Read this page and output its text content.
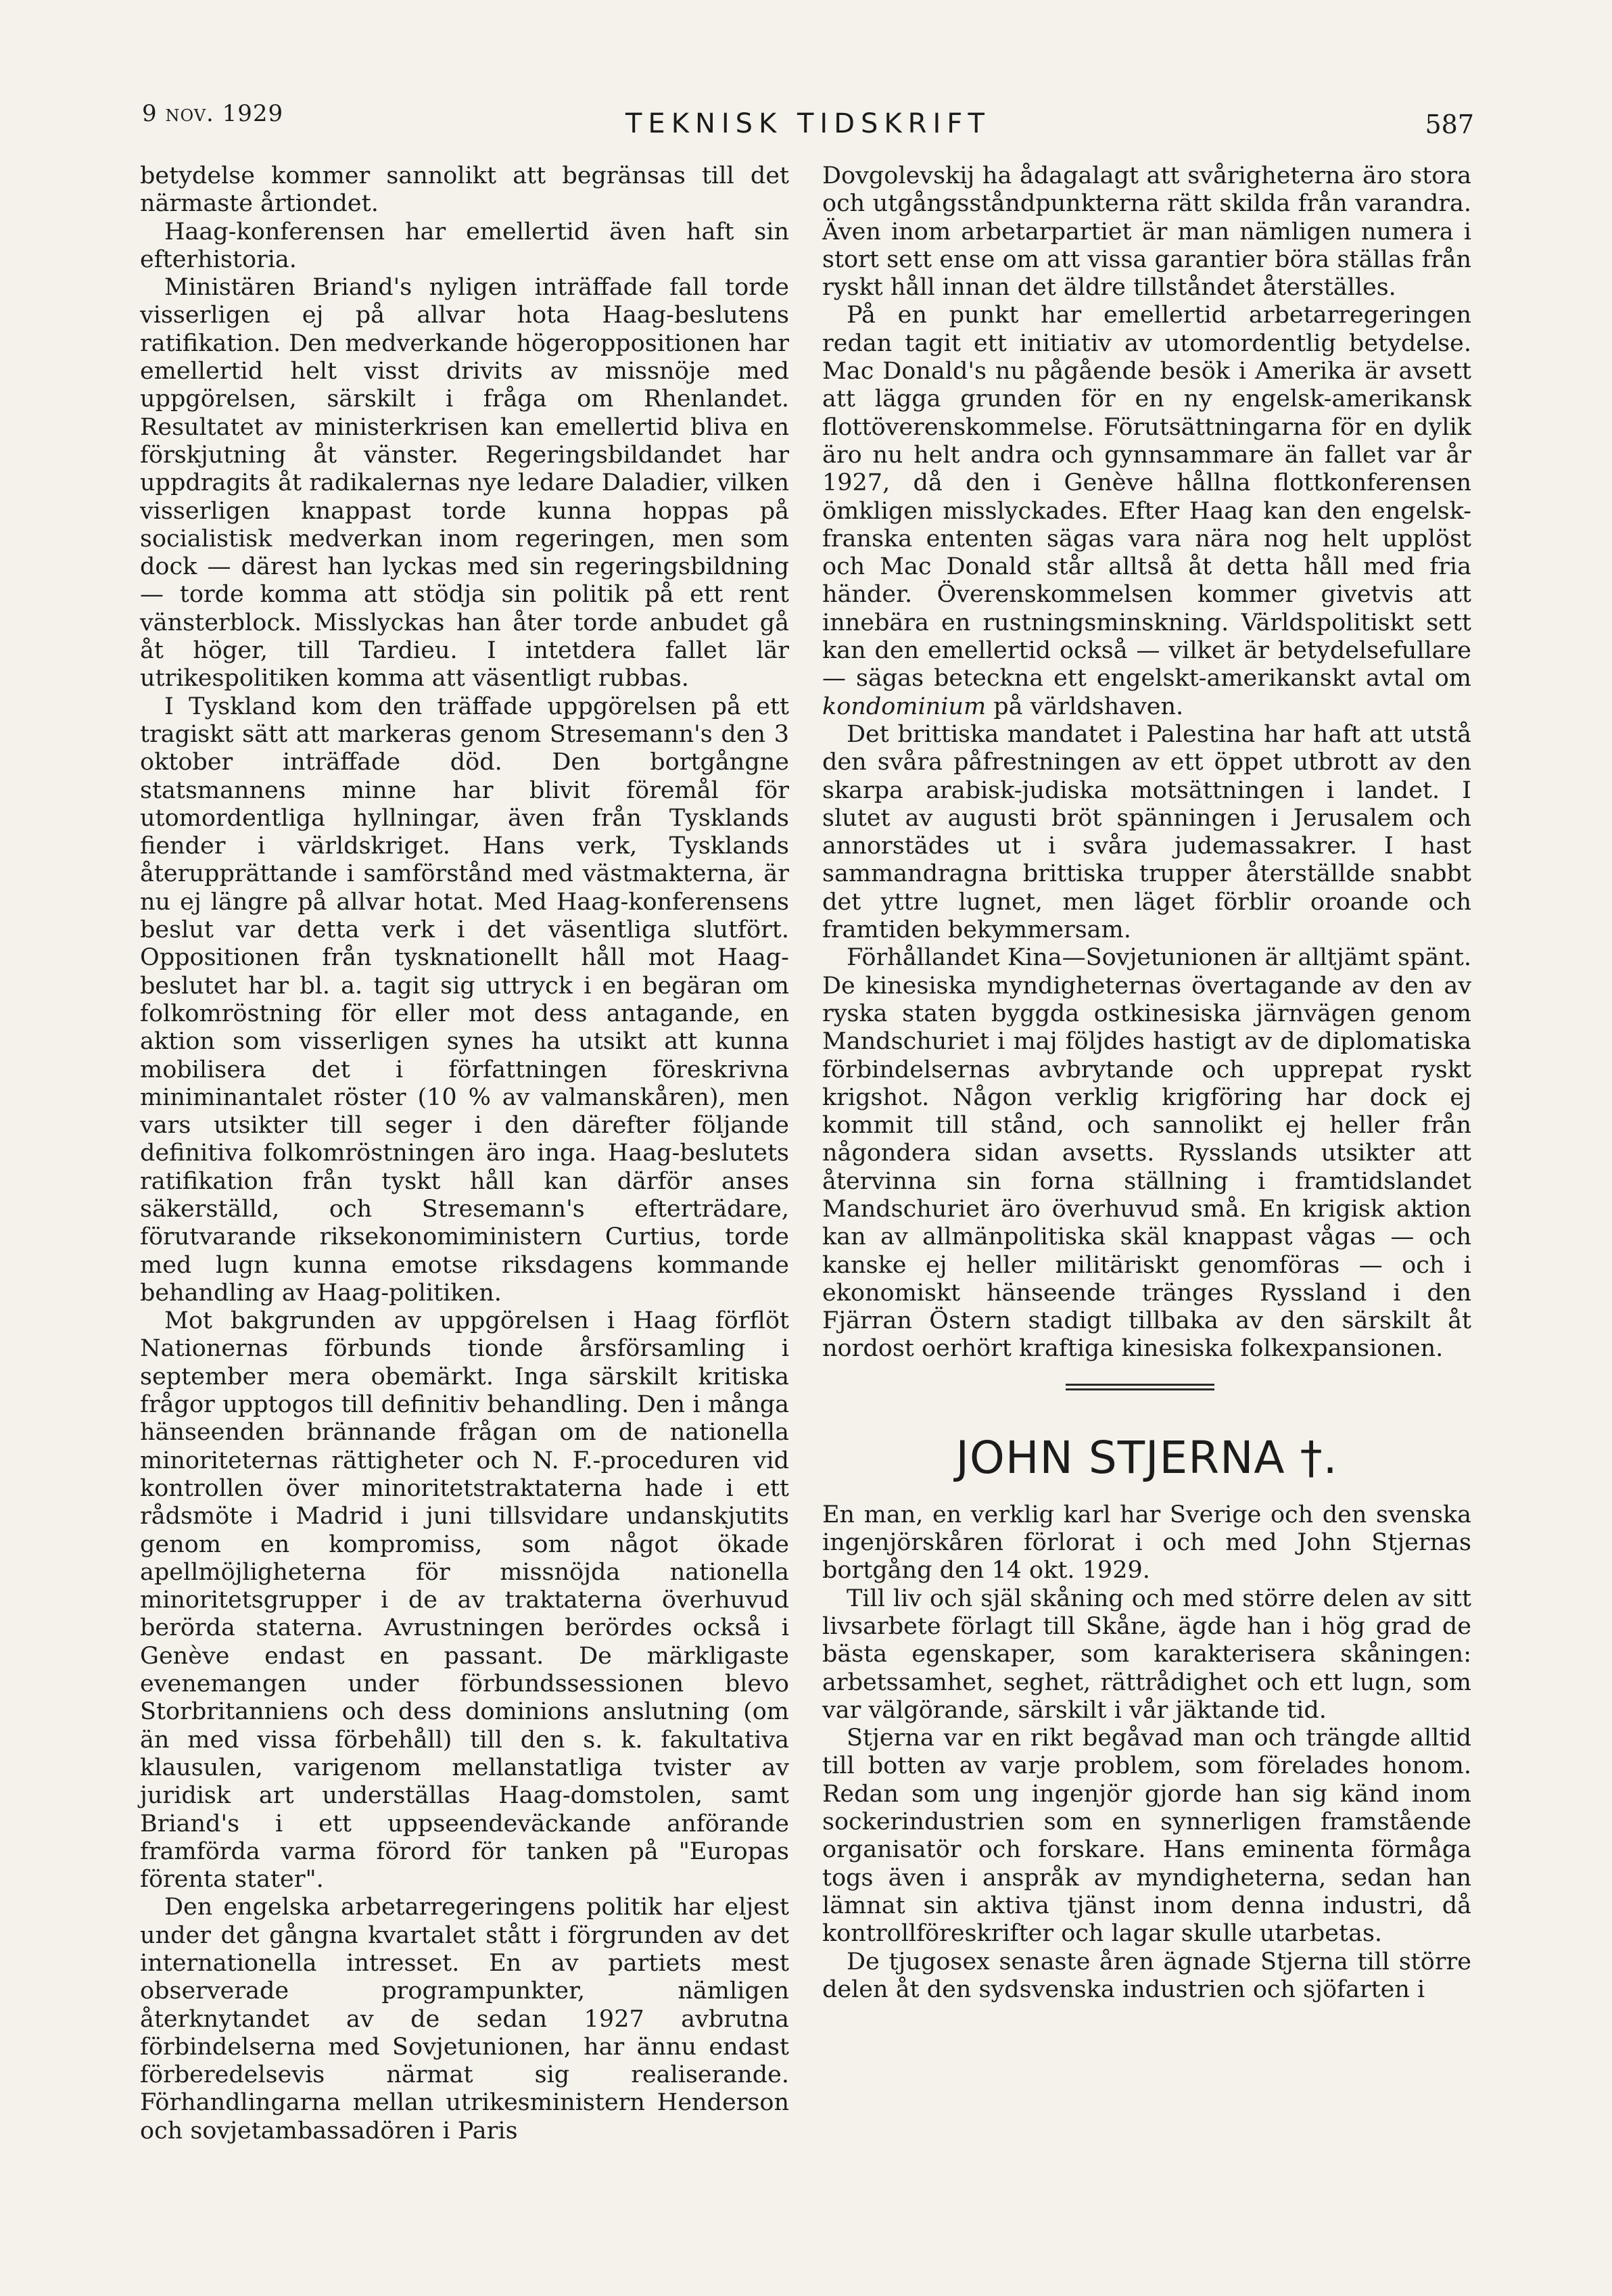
9 nov. 1929	TEKNISK TIDSKRIFT	587

betydelse kommer sannolikt att begränsas till det närmaste årtiondet.

Haag-konferensen har emellertid även haft sin efterhistoria.

Ministären Briand's nyligen inträffade fall torde visserligen ej på allvar hota Haag-beslutens ratifikation. Den medverkande högeroppositionen har emellertid helt visst drivits av missnöje med uppgörelsen, särskilt i fråga om Rhenlandet. Resultatet av ministerkrisen kan emellertid bliva en förskjutning åt vänster. Regeringsbildandet har uppdragits åt radikalernas nye ledare Daladier, vilken visserligen knappast torde kunna hoppas på socialistisk medverkan inom regeringen, men som dock — därest han lyckas med sin regeringsbildning — torde komma att stödja sin politik på ett rent vänsterblock. Misslyckas han åter torde anbudet gå åt höger, till Tardieu. I intetdera fallet lär utrikespolitiken komma att väsentligt rubbas.

I Tyskland kom den träffade uppgörelsen på ett tragiskt sätt att markeras genom Stresemann's den 3 oktober inträffade död. Den bortgångne statsmannens minne har blivit föremål för utomordentliga hyllningar, även från Tysklands fiender i världskriget. Hans verk, Tysklands återupprättande i samförstånd med västmakterna, är nu ej längre på allvar hotat. Med Haag-konferensens beslut var detta verk i det väsentliga slutfört. Oppositionen från tysknationellt håll mot Haag-beslutet har bl. a. tagit sig uttryck i en begäran om folkomröstning för eller mot dess antagande, en aktion som visserligen synes ha utsikt att kunna mobilisera det i författningen föreskrivna miniminantalet röster (10 % av valmanskåren), men vars utsikter till seger i den därefter följande definitiva folkomröstningen äro inga. Haag-beslutets ratifikation från tyskt håll kan därför anses säkerställd, och Stresemann's efterträdare, förutvarande riksekonomiministern Curtius, torde med lugn kunna emotse riksdagens kommande behandling av Haag-politiken.

Mot bakgrunden av uppgörelsen i Haag förflöt Nationernas förbunds tionde årsförsamling i september mera obemärkt. Inga särskilt kritiska frågor upptogos till definitiv behandling. Den i många hänseenden brännande frågan om de nationella minoriteternas rättigheter och N. F.-proceduren vid kontrollen över minoritetstraktaterna hade i ett rådsmöte i Madrid i juni tillsvidare undanskjutits genom en kompromiss, som något ökade apellmöjligheterna för missnöjda nationella minoritetsgrupper i de av traktaterna överhuvud berörda staterna. Avrustningen berördes också i Genève endast en passant. De märkligaste evenemangen under förbundssessionen blevo Storbritanniens och dess dominions anslutning (om än med vissa förbehåll) till den s. k. fakultativa klausulen, varigenom mellanstatliga tvister av juridisk art underställas Haag-domstolen, samt Briand's i ett uppseendeväckande anförande framförda varma förord för tanken på "Europas förenta stater".

Den engelska arbetarregeringens politik har eljest under det gångna kvartalet stått i förgrunden av det internationella intresset. En av partiets mest observerade programpunkter, nämligen återknytandet av de sedan 1927 avbrutna förbindelserna med Sovjetunionen, har ännu endast förberedelsevis närmat sig realiserande. Förhandlingarna mellan utrikesministern Henderson och sovjetambassadören i Paris

Dovgolevskij ha ådagalagt att svårigheterna äro stora och utgångsståndpunkterna rätt skilda från varandra. Även inom arbetarpartiet är man nämligen numera i stort sett ense om att vissa garantier böra ställas från ryskt håll innan det äldre tillståndet återställes.

På en punkt har emellertid arbetarregeringen redan tagit ett initiativ av utomordentlig betydelse. Mac Donald's nu pågående besök i Amerika är avsett att lägga grunden för en ny engelsk-amerikansk flottöverenskommelse. Förutsättningarna för en dylik äro nu helt andra och gynnsammare än fallet var år 1927, då den i Genève hållna flottkonferensen ömkligen misslyckades. Efter Haag kan den engelsk-franska ententen sägas vara nära nog helt upplöst och Mac Donald står alltså åt detta håll med fria händer. Överenskommelsen kommer givetvis att innebära en rustningsminskning. Världspolitiskt sett kan den emellertid också — vilket är betydelsefullare — sägas beteckna ett engelskt-amerikanskt avtal om kondominium på världshaven.

Det brittiska mandatet i Palestina har haft att utstå den svåra påfrestningen av ett öppet utbrott av den skarpa arabisk-judiska motsättningen i landet. I slutet av augusti bröt spänningen i Jerusalem och annorstädes ut i svåra judemassakrer. I hast sammandragna brittiska trupper återställde snabbt det yttre lugnet, men läget förblir oroande och framtiden bekymmersam.

Förhållandet Kina—Sovjetunionen är alltjämt spänt. De kinesiska myndigheternas övertagande av den av ryska staten byggda ostkinesiska järnvägen genom Mandschuriet i maj följdes hastigt av de diplomatiska förbindelsernas avbrytande och upprepat ryskt krigshot. Någon verklig krigföring har dock ej kommit till stånd, och sannolikt ej heller från någondera sidan avsetts. Rysslands utsikter att återvinna sin forna ställning i framtidslandet Mandschuriet äro överhuvud små. En krigisk aktion kan av allmänpolitiska skäl knappast vågas — och kanske ej heller militäriskt genomföras — och i ekonomiskt hänseende tränges Ryssland i den Fjärran Östern stadigt tillbaka av den särskilt åt nordost oerhört kraftiga kinesiska folkexpansionen.

JOHN STJERNA †.

En man, en verklig karl har Sverige och den svenska ingenjörskåren förlorat i och med John Stjernas bortgång den 14 okt. 1929.

Till liv och själ skåning och med större delen av sitt livsarbete förlagt till Skåne, ägde han i hög grad de bästa egenskaper, som karakterisera skåningen: arbetssamhet, seghet, rättrådighet och ett lugn, som var välgörande, särskilt i vår jäktande tid.

Stjerna var en rikt begåvad man och trängde alltid till botten av varje problem, som förelades honom. Redan som ung ingenjör gjorde han sig känd inom sockerindustrien som en synnerligen framstående organisatör och forskare. Hans eminenta förmåga togs även i anspråk av myndigheterna, sedan han lämnat sin aktiva tjänst inom denna industri, då kontrollföreskrifter och lagar skulle utarbetas.

De tjugosex senaste åren ägnade Stjerna till större delen åt den sydsvenska industrien och sjöfarten i
